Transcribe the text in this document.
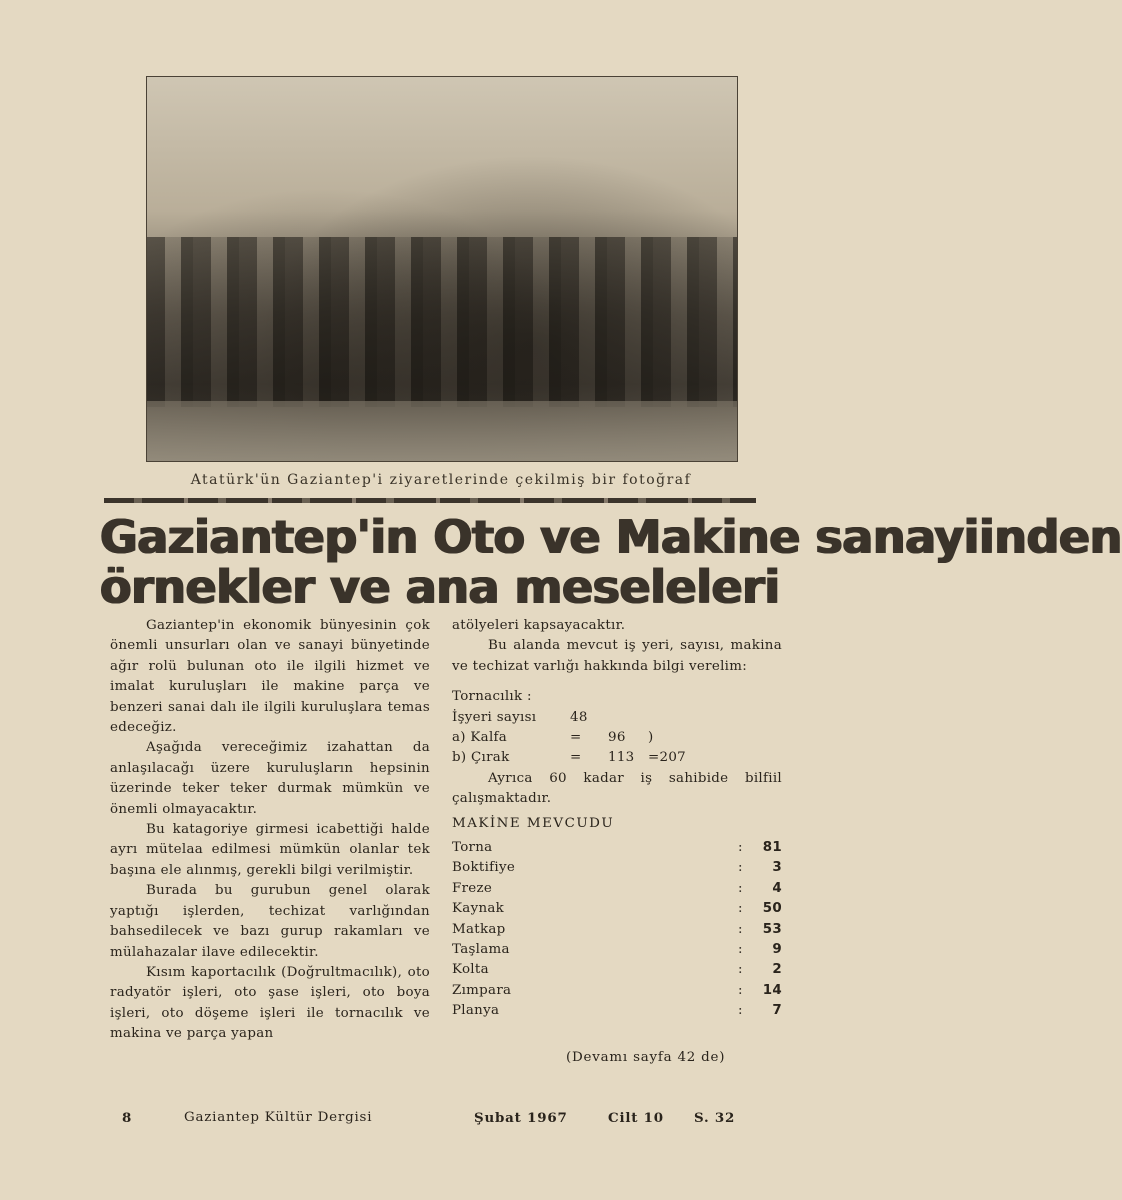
Atatürk'ün Gaziantep'i ziyaretlerinde çekilmiş bir fotoğraf
Gaziantep'in Oto ve Makine sanayiinden
örnekler ve ana meseleleri

Gaziantep'in ekonomik bünyesinin çok önemli unsurları olan ve sanayi bünyetinde ağır rolü bulunan oto ile ilgili hizmet ve imalat kuruluşları ile makine parça ve benzeri sanai dalı ile ilgili kuruluşlara temas edeceğiz.

Aşağıda vereceğimiz izahattan da anlaşılacağı üzere kuruluşların hepsinin üzerinde teker teker durmak mümkün ve önemli olmayacaktır.

Bu katagoriye girmesi icabettiği halde ayrı mütelaa edilmesi mümkün olanlar tek başına ele alınmış, gerekli bilgi verilmiştir.

Burada bu gurubun genel olarak yaptığı işlerden, techizat varlığından bahsedilecek ve bazı gurup rakamları ve mülahazalar ilave edilecektir.

Kısım kaportacılık (Doğrultmacılık), oto radyatör işleri, oto şase işleri, oto boya işleri, oto döşeme işleri ile tornacılık ve makina ve parça yapan

atölyeleri kapsayacaktır.

Bu alanda mevcut iş yeri, sayısı, makina ve techizat varlığı hakkında bilgi verelim:

Tornacılık :

İşyeri sayısı	48
a) Kalfa	=	96	)
b) Çırak	=	113	=207

Ayrıca 60 kadar iş sahibide bilfiil çalışmaktadır.

MAKİNE MEVCUDU

Torna	:	81
Boktifiye	:	3
Freze	:	4
Kaynak	:	50
Matkap	:	53
Taşlama	:	9
Kolta	:	2
Zımpara	:	14
Planya	:	7
(Devamı sayfa 42 de)
8	Gaziantep Kültür Dergisi	Şubat 1967	Cilt 10 S. 32
